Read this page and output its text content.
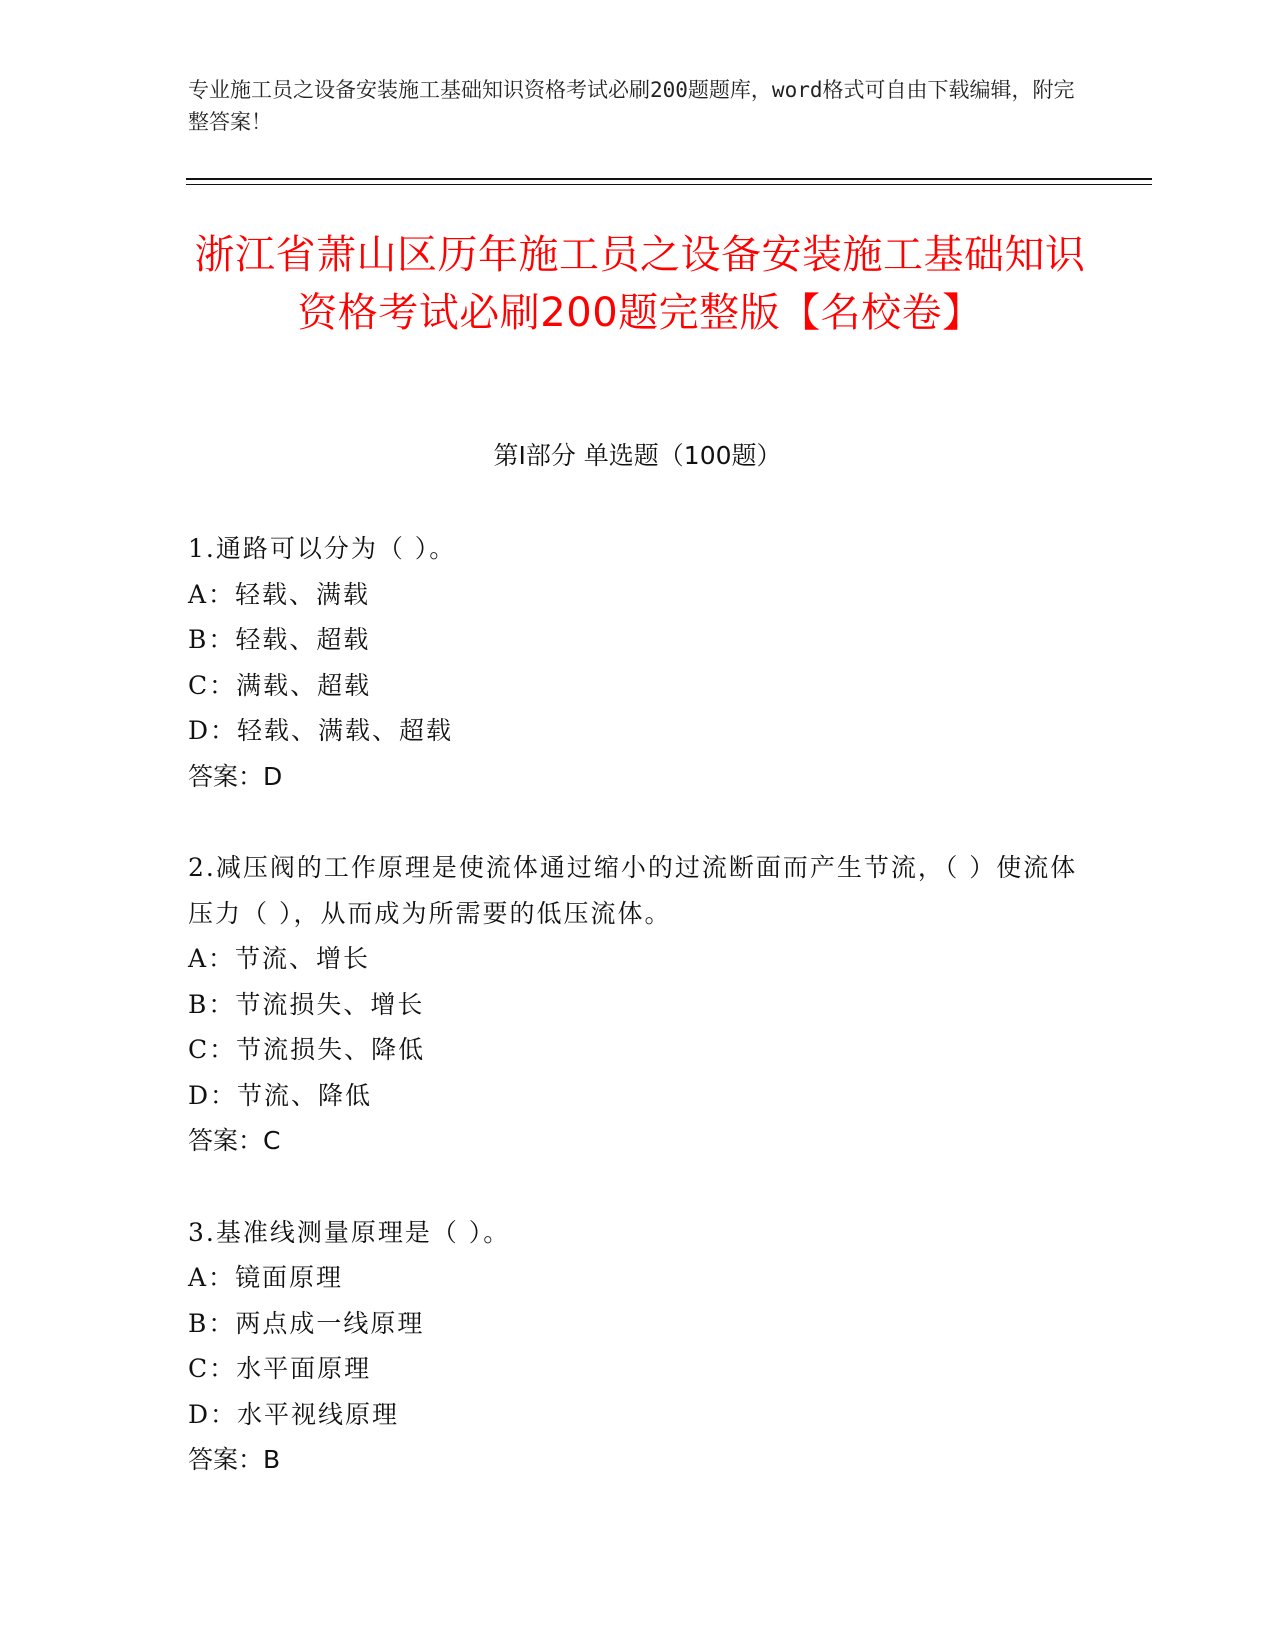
专业施工员之设备安装施工基础知识资格考试必刷200题题库，word格式可自由下载编辑，附完整答案！
浙江省萧山区历年施工员之设备安装施工基础知识资格考试必刷200题完整版【名校卷】
第Ⅰ部分 单选题（100题）
1.通路可以分为（ ）。
A：轻载、满载
B：轻载、超载
C：满载、超载
D：轻载、满载、超载
答案：D
2.减压阀的工作原理是使流体通过缩小的过流断面而产生节流，（ ）使流体压力（ ），从而成为所需要的低压流体。
A：节流、增长
B：节流损失、增长
C：节流损失、降低
D：节流、降低
答案：C
3.基准线测量原理是（ ）。
A：镜面原理
B：两点成一线原理
C：水平面原理
D：水平视线原理
答案：B
